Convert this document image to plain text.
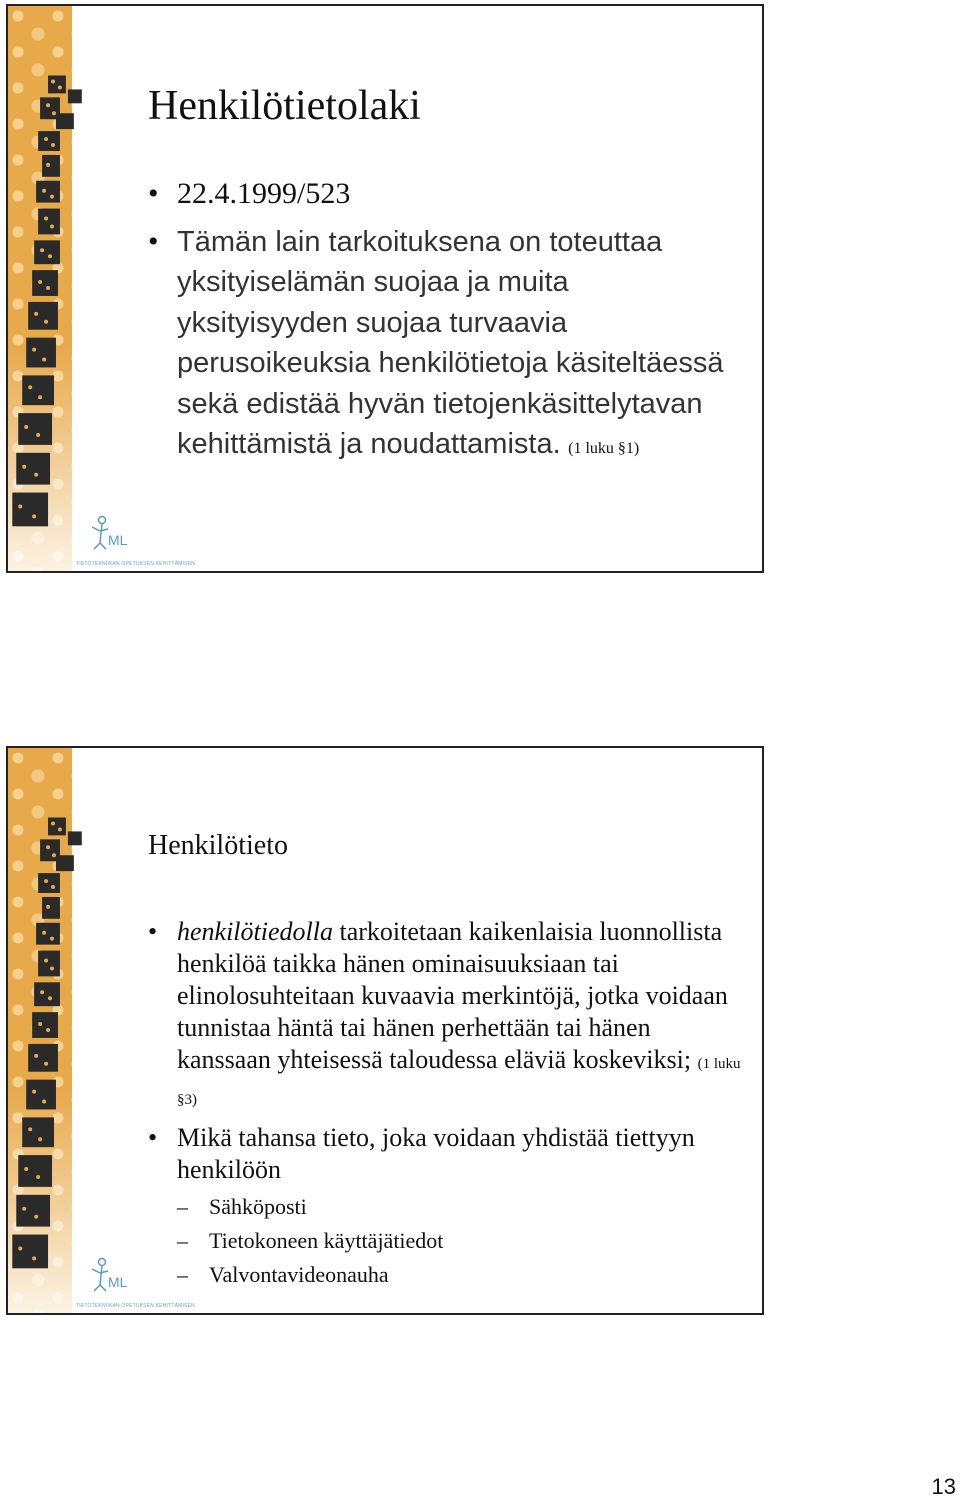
ML
TIETOTEKNIIKAN OPETUKSEN KEHITTÄMISEN
Henkilötietolaki
• 22.4.1999/523
• Tämän lain tarkoituksena on toteuttaa yksityiselämän suojaa ja muita yksityisyyden suojaa turvaavia perusoikeuksia henkilötietoja käsiteltäessä sekä edistää hyvän tietojenkäsittelytavan kehittämistä ja noudattamista. (1 luku §1)
ML
TIETOTEKNIIKAN OPETUKSEN KEHITTÄMISEN
Henkilötieto
• henkilötiedolla tarkoitetaan kaikenlaisia luonnollista henkilöä taikka hänen ominaisuuksiaan tai elinolosuhteitaan kuvaavia merkintöjä, jotka voidaan tunnistaa häntä tai hänen perhettään tai hänen kanssaan yhteisessä taloudessa eläviä koskeviksi; (1 luku §3)
• Mikä tahansa tieto, joka voidaan yhdistää tiettyyn henkilöön
– Sähköposti
– Tietokoneen käyttäjätiedot
– Valvontavideonauha
13
